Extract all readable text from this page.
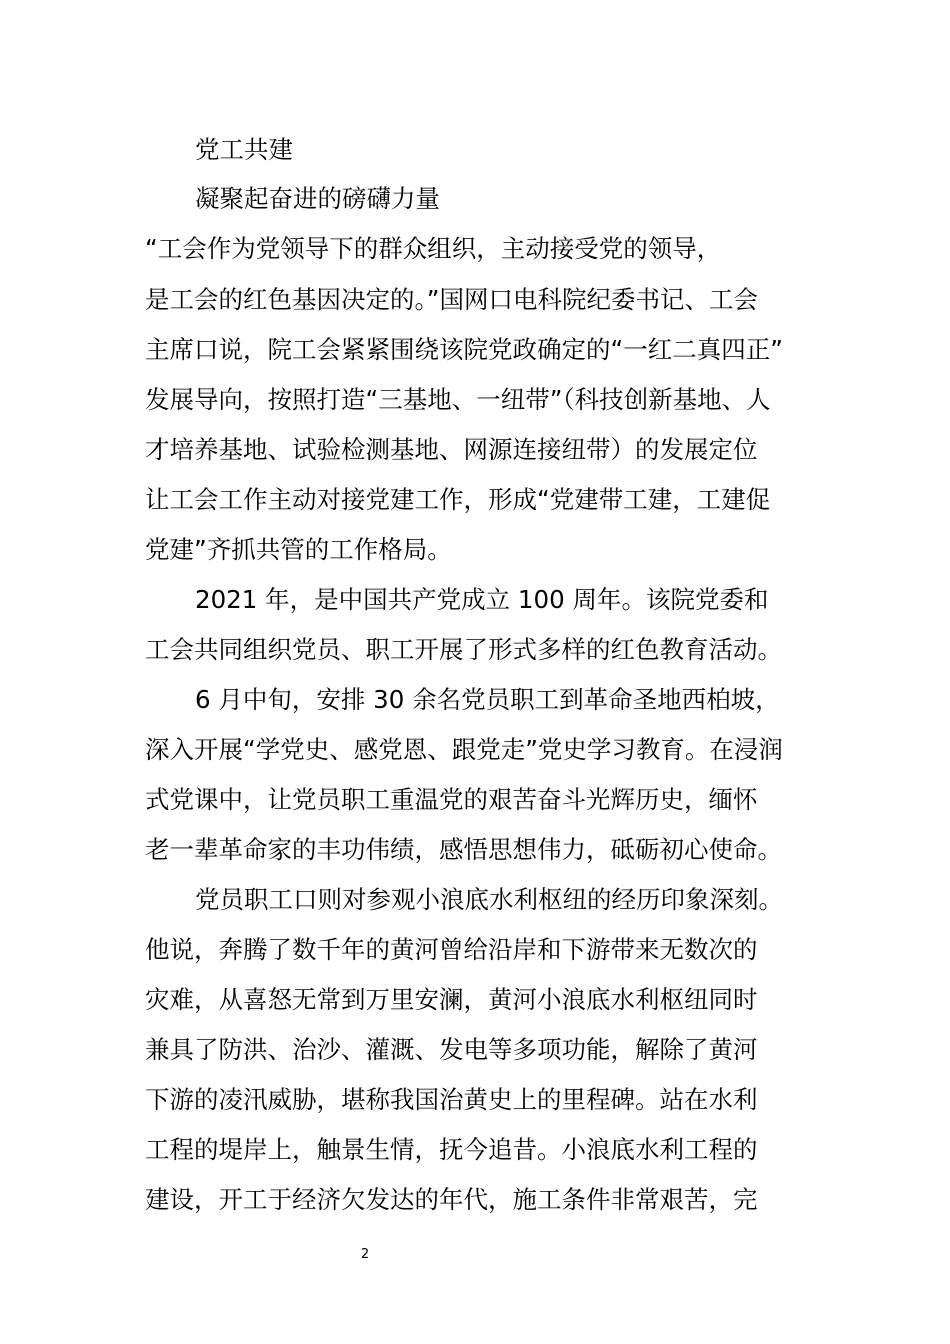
党工共建
凝聚起奋进的磅礴力量
“工会作为党领导下的群众组织，主动接受党的领导，
是工会的红色基因决定的。”国网口电科院纪委书记、工会
主席口说，院工会紧紧围绕该院党政确定的“一红二真四正”
发展导向，按照打造“三基地、一纽带”（科技创新基地、人
才培养基地、试验检测基地、网源连接纽带）的发展定位
让工会工作主动对接党建工作，形成“党建带工建，工建促
党建”齐抓共管的工作格局。
2021 年，是中国共产党成立 100 周年。该院党委和
工会共同组织党员、职工开展了形式多样的红色教育活动。
6 月中旬，安排 30 余名党员职工到革命圣地西柏坡，
深入开展“学党史、感党恩、跟党走”党史学习教育。在浸润
式党课中，让党员职工重温党的艰苦奋斗光辉历史，缅怀
老一辈革命家的丰功伟绩，感悟思想伟力，砥砺初心使命。
党员职工口则对参观小浪底水利枢纽的经历印象深刻。
他说，奔腾了数千年的黄河曾给沿岸和下游带来无数次的
灾难，从喜怒无常到万里安澜，黄河小浪底水利枢纽同时
兼具了防洪、治沙、灌溉、发电等多项功能，解除了黄河
下游的凌汛威胁，堪称我国治黄史上的里程碑。站在水利
工程的堤岸上，触景生情，抚今追昔。小浪底水利工程的
建设，开工于经济欠发达的年代，施工条件非常艰苦，完
2
